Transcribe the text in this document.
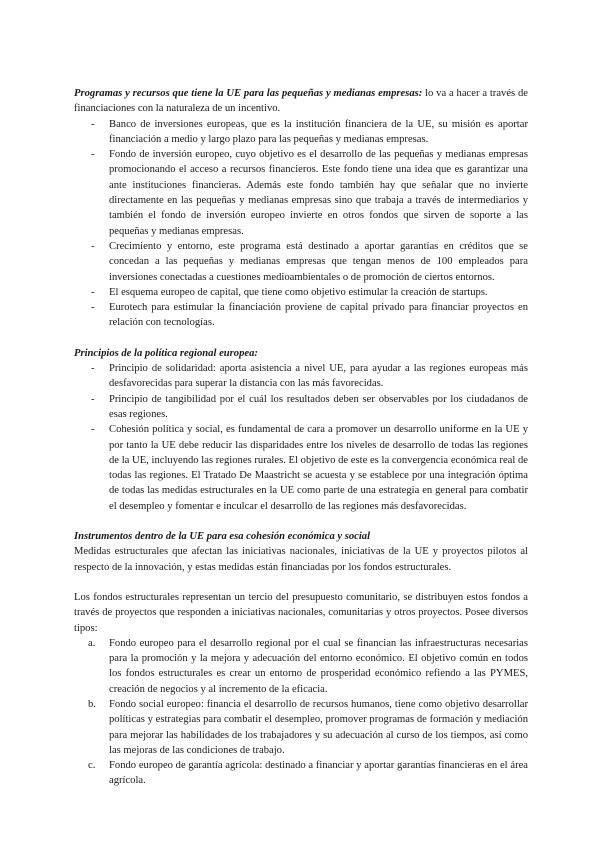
Programas y recursos que tiene la UE para las pequeñas y medianas empresas: lo va a hacer a través de financiaciones con la naturaleza de un incentivo.

- Banco de inversiones europeas, que es la institución financiera de la UE, su misión es aportar financiación a medio y largo plazo para las pequeñas y medianas empresas.
- Fondo de inversión europeo, cuyo objetivo es el desarrollo de las pequeñas y medianas empresas promocionando el acceso a recursos financieros. Este fondo tiene una idea que es garantizar una ante instituciones financieras. Además este fondo también hay que señalar que no invierte directamente en las pequeñas y medianas empresas sino que trabaja a través de intermediarios y también el fondo de inversión europeo invierte en otros fondos que sirven de soporte a las pequeñas y medianas empresas.
- Crecimiento y entorno, este programa está destinado a aportar garantías en créditos que se concedan a las pequeñas y medianas empresas que tengan menos de 100 empleados para inversiones conectadas a cuestiones medioambientales o de promoción de ciertos entornos.
- El esquema europeo de capital, que tiene como objetivo estimular la creación de startups.
- Eurotech para estimular la financiación proviene de capital privado para financiar proyectos en relación con tecnologías.

Principios de la política regional europea:

- Principio de solidaridad: aporta asistencia a nivel UE, para ayudar a las regiones europeas más desfavorecidas para superar la distancia con las más favorecidas.
- Principio de tangibilidad por el cuál los resultados deben ser observables por los ciudadanos de esas regiones.
- Cohesión política y social, es fundamental de cara a promover un desarrollo uniforme en la UE y por tanto la UE debe reducir las disparidades entre los niveles de desarrollo de todas las regiones de la UE, incluyendo las regiones rurales. El objetivo de este es la convergencia económica real de todas las regiones. El Tratado De Maastricht se acuesta y se establece por una integración óptima de todas las medidas estructurales en la UE como parte de una estrategia en general para combatir el desempleo y fomentar e inculcar el desarrollo de las regiones más desfavorecidas.

Instrumentos dentro de la UE para esa cohesión económica y social

Medidas estructurales que afectan las iniciativas nacionales, iniciativas de la UE y proyectos pilotos al respecto de la innovación, y estas medidas están financiadas por los fondos estructurales.

Los fondos estructurales representan un tercio del presupuesto comunitario, se distribuyen estos fondos a través de proyectos que responden a iniciativas nacionales, comunitarias y otros proyectos. Posee diversos tipos:

a. Fondo europeo para el desarrollo regional por el cual se financian las infraestructuras necesarias para la promoción y la mejora y adecuación del entorno económico. El objetivo común en todos los fondos estructurales es crear un entorno de prosperidad económico refiendo a las PYMES, creación de negocios y al incremento de la eficacia.
b. Fondo social europeo: financia el desarrollo de recursos humanos, tiene como objetivo desarrollar políticas y estrategias para combatir el desempleo, promover programas de formación y mediación para mejorar las habilidades de los trabajadores y su adecuación al curso de los tiempos, así como las mejoras de las condiciones de trabajo.
c. Fondo europeo de garantía agrícola: destinado a financiar y aportar garantías financieras en el área agrícola.
